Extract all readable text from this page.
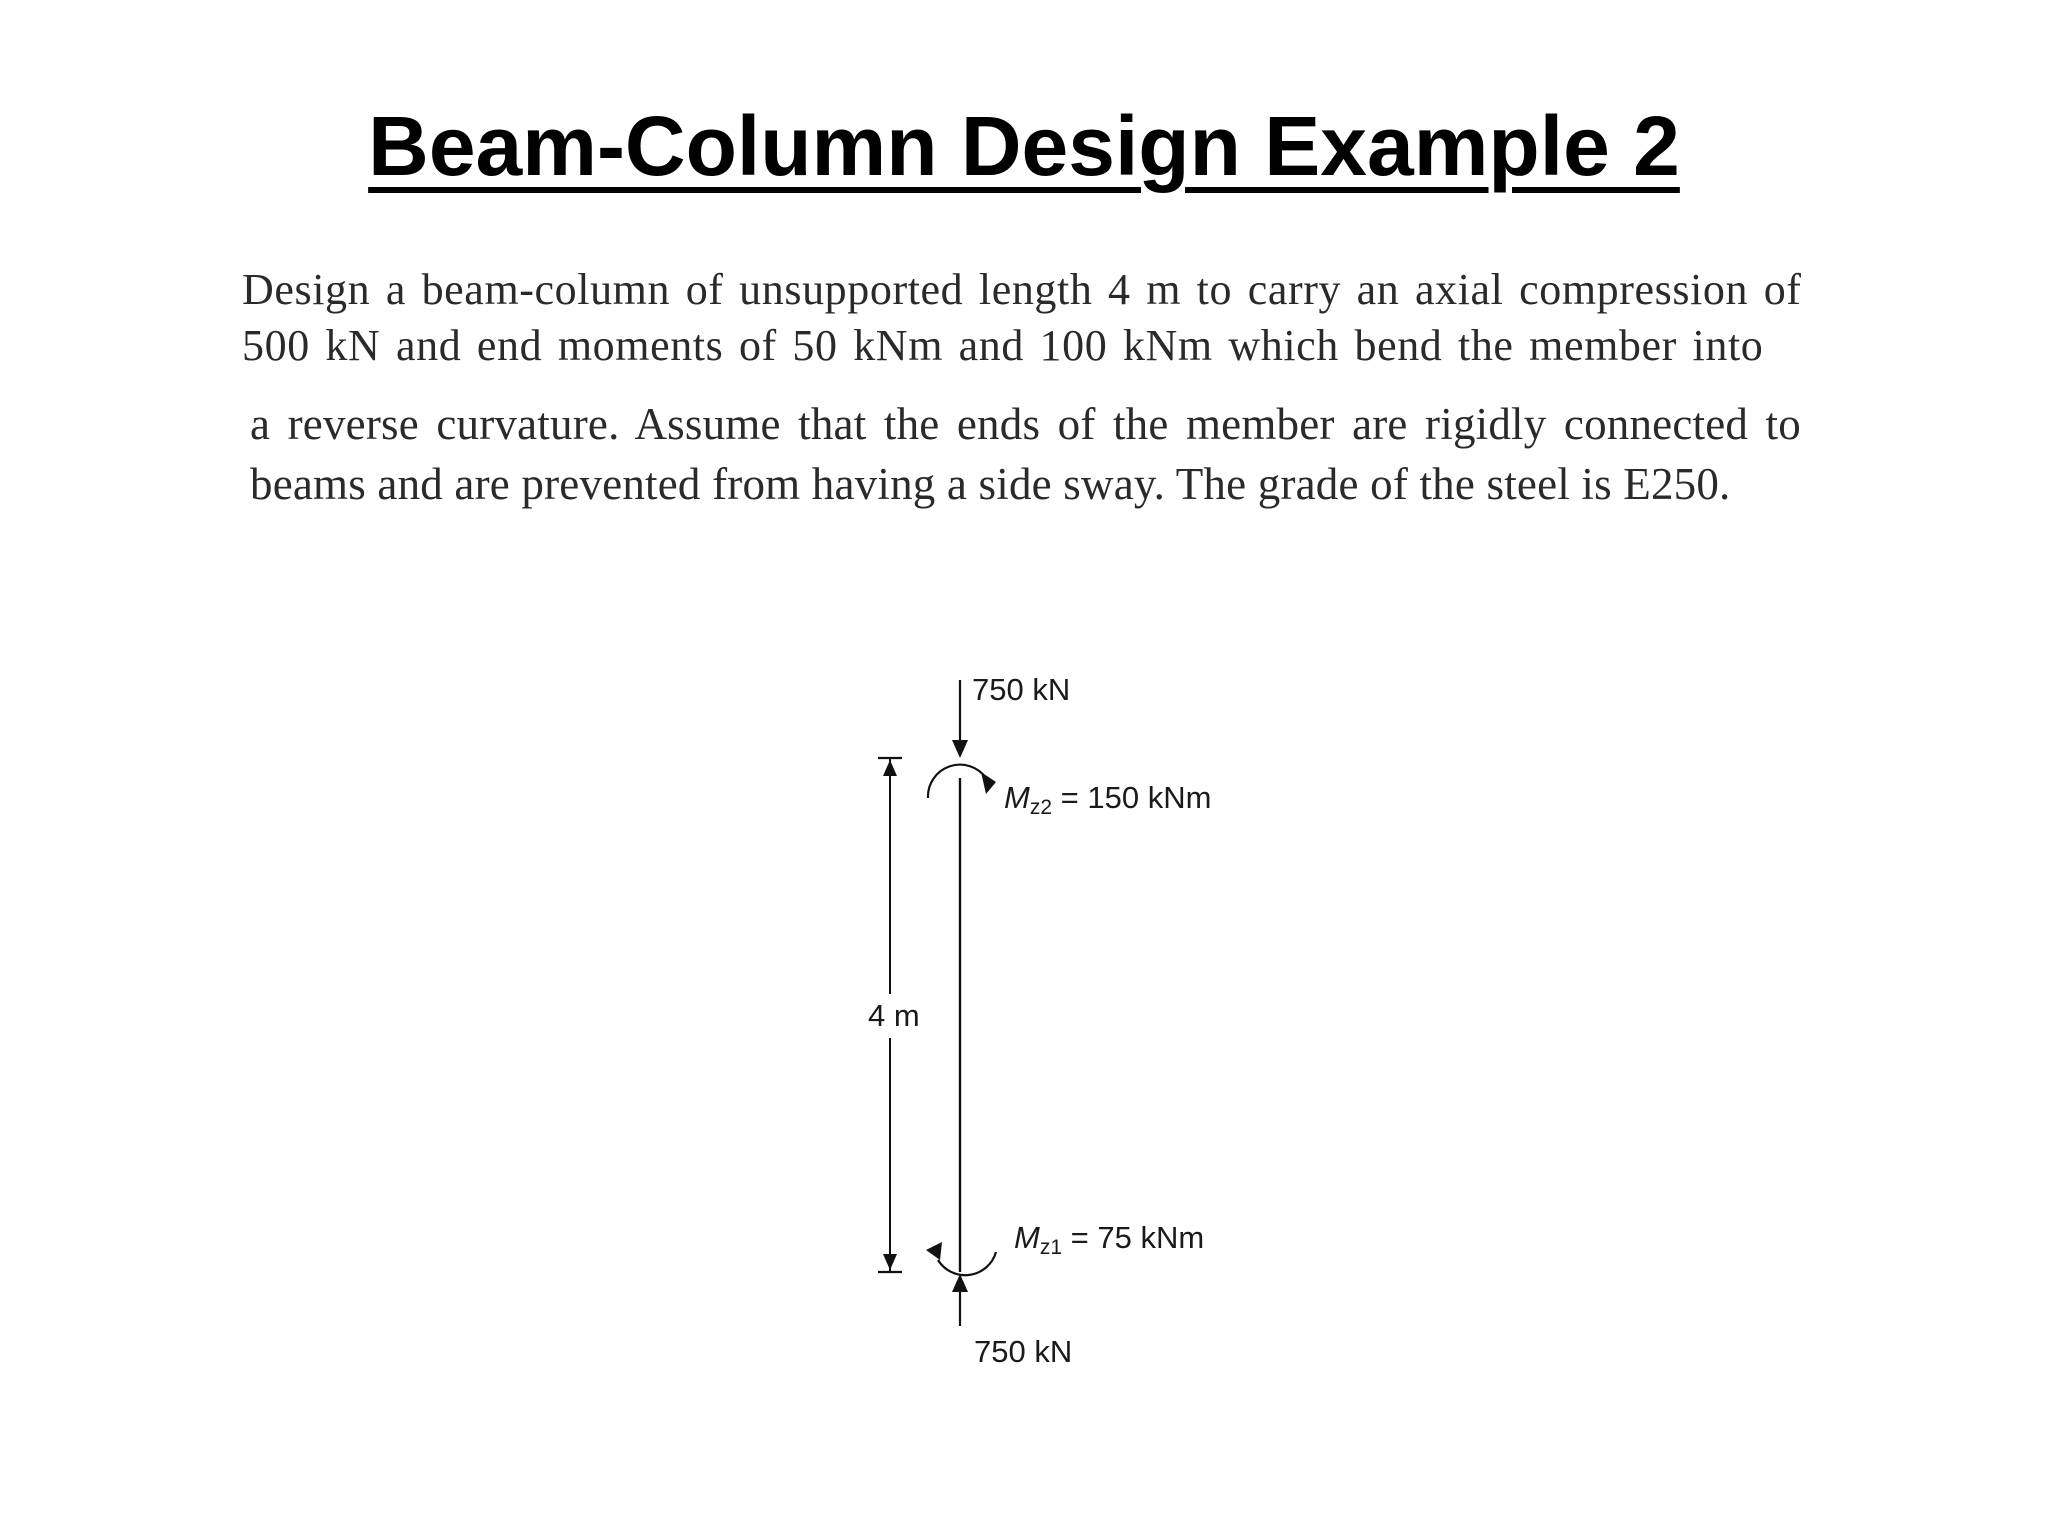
Beam-Column Design Example 2
Design a beam-column of unsupported length 4 m to carry an axial compression of
500 kN and end moments of 50 kNm and 100 kNm which bend the member into
a reverse curvature. Assume that the ends of the member are rigidly connected to
beams and are prevented from having a side sway. The grade of the steel is E250.
750 kN
$M_{z2} = 150$ kNm
4 m
$M_{z1} = 75$ kNm
750 kN
